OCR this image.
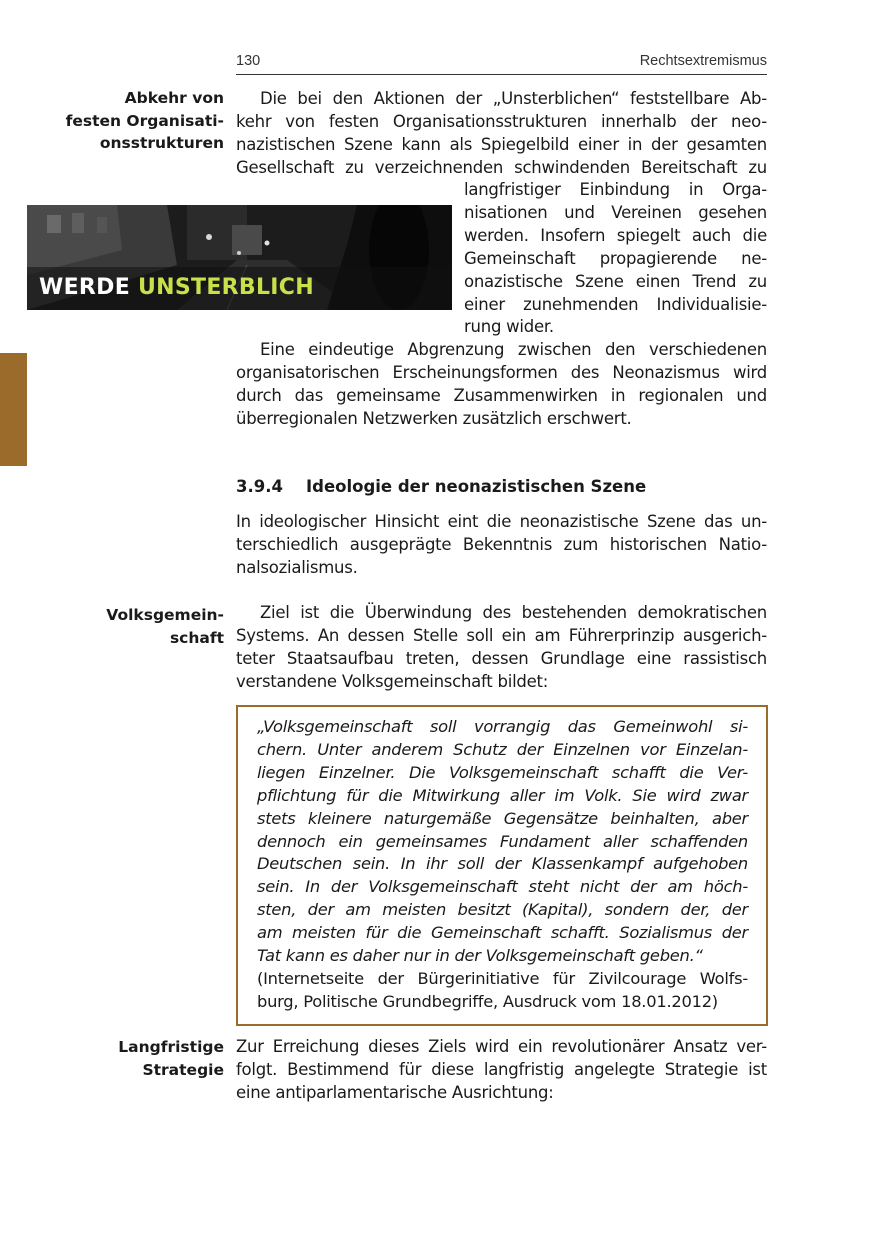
130	Rechtsextremismus
Abkehr von
festen Organisati-
onsstrukturen
Die bei den Aktionen der „Unsterblichen“ feststellbare Ab-
kehr von festen Organisationsstrukturen innerhalb der neo-
nazistischen Szene kann als Spiegelbild einer in der gesamten
Gesellschaft zu verzeichnenden schwindenden Bereitschaft zu
WERDE UNSTERBLICH
langfristiger Einbindung in Orga-
nisationen und Vereinen gesehen
werden. Insofern spiegelt auch die
Gemeinschaft propagierende ne-
onazistische Szene einen Trend zu
einer zunehmenden Individualisie-
rung wider.
Eine eindeutige Abgrenzung zwischen den verschiedenen
organisatorischen Erscheinungsformen des Neonazismus wird
durch das gemeinsame Zusammenwirken in regionalen und
überregionalen Netzwerken zusätzlich erschwert.
3.9.4 Ideologie der neonazistischen Szene
In ideologischer Hinsicht eint die neonazistische Szene das un-
terschiedlich ausgeprägte Bekenntnis zum historischen Natio-
nalsozialismus.
Volksgemein-
schaft
Ziel ist die Überwindung des bestehenden demokratischen
Systems. An dessen Stelle soll ein am Führerprinzip ausgerich-
teter Staatsaufbau treten, dessen Grundlage eine rassistisch
verstandene Volksgemeinschaft bildet:
„Volksgemeinschaft soll vorrangig das Gemeinwohl si-
chern. Unter anderem Schutz der Einzelnen vor Einzelan-
liegen Einzelner. Die Volksgemeinschaft schafft die Ver-
pflichtung für die Mitwirkung aller im Volk. Sie wird zwar
stets kleinere naturgemäße Gegensätze beinhalten, aber
dennoch ein gemeinsames Fundament aller schaffenden
Deutschen sein. In ihr soll der Klassenkampf aufgehoben
sein. In der Volksgemeinschaft steht nicht der am höch-
sten, der am meisten besitzt (Kapital), sondern der, der
am meisten für die Gemeinschaft schafft. Sozialismus der
Tat kann es daher nur in der Volksgemeinschaft geben.“
(Internetseite der Bürgerinitiative für Zivilcourage Wolfs-
burg, Politische Grundbegriffe, Ausdruck vom 18.01.2012)
Langfristige
Strategie
Zur Erreichung dieses Ziels wird ein revolutionärer Ansatz ver-
folgt. Bestimmend für diese langfristig angelegte Strategie ist
eine antiparlamentarische Ausrichtung:
